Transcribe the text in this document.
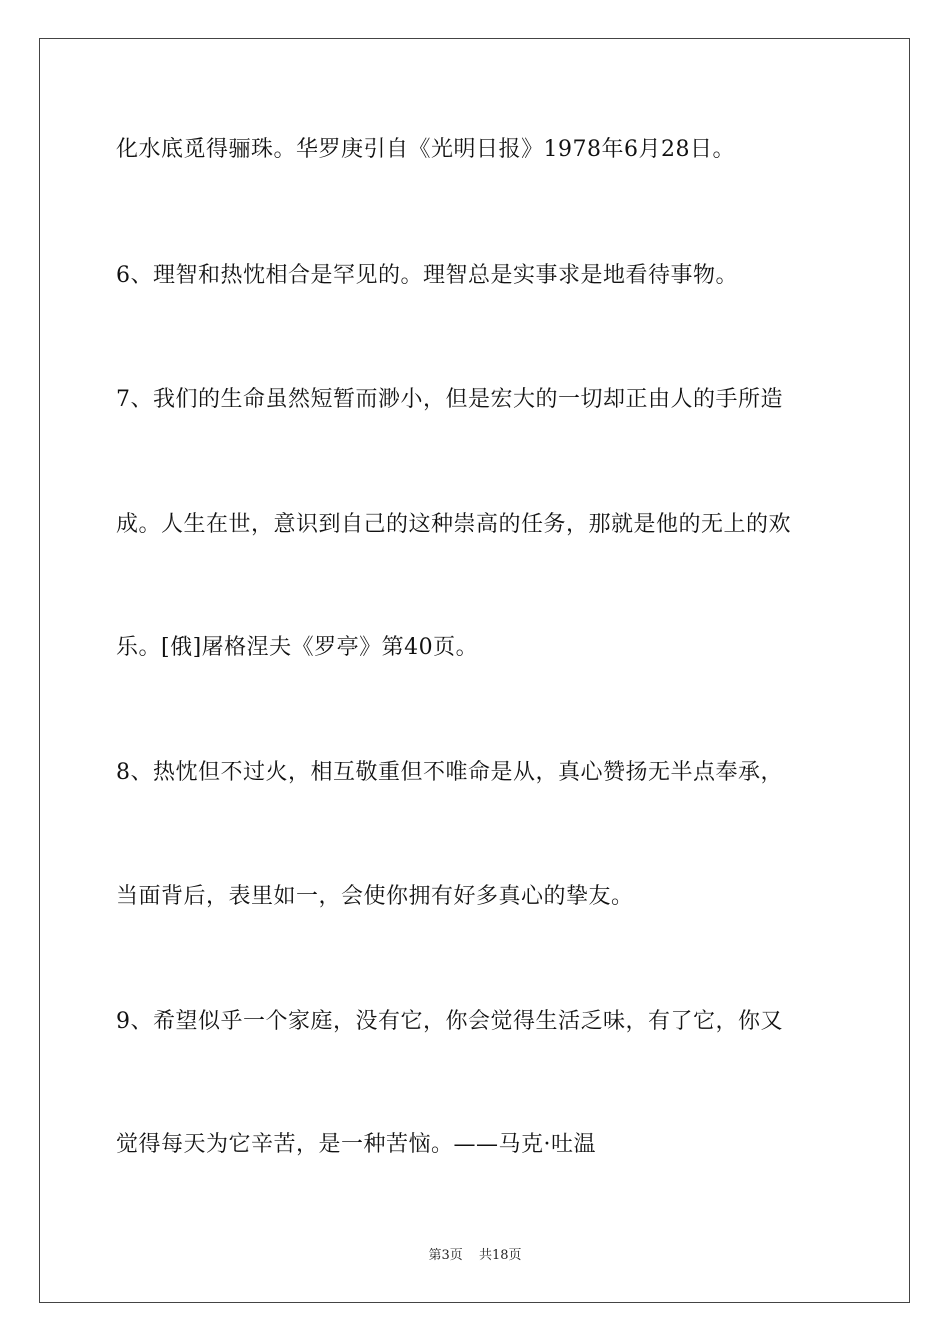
化水底觅得骊珠。华罗庚引自《光明日报》1978年6月28日。
6、理智和热忱相合是罕见的。理智总是实事求是地看待事物。
7、我们的生命虽然短暂而渺小，但是宏大的一切却正由人的手所造
成。人生在世，意识到自己的这种崇高的任务，那就是他的无上的欢
乐。[俄]屠格涅夫《罗亭》第40页。
8、热忱但不过火，相互敬重但不唯命是从，真心赞扬无半点奉承，
当面背后，表里如一，会使你拥有好多真心的挚友。
9、希望似乎一个家庭，没有它，你会觉得生活乏味，有了它，你又
觉得每天为它辛苦，是一种苦恼。——马克·吐温
第3页 共18页
